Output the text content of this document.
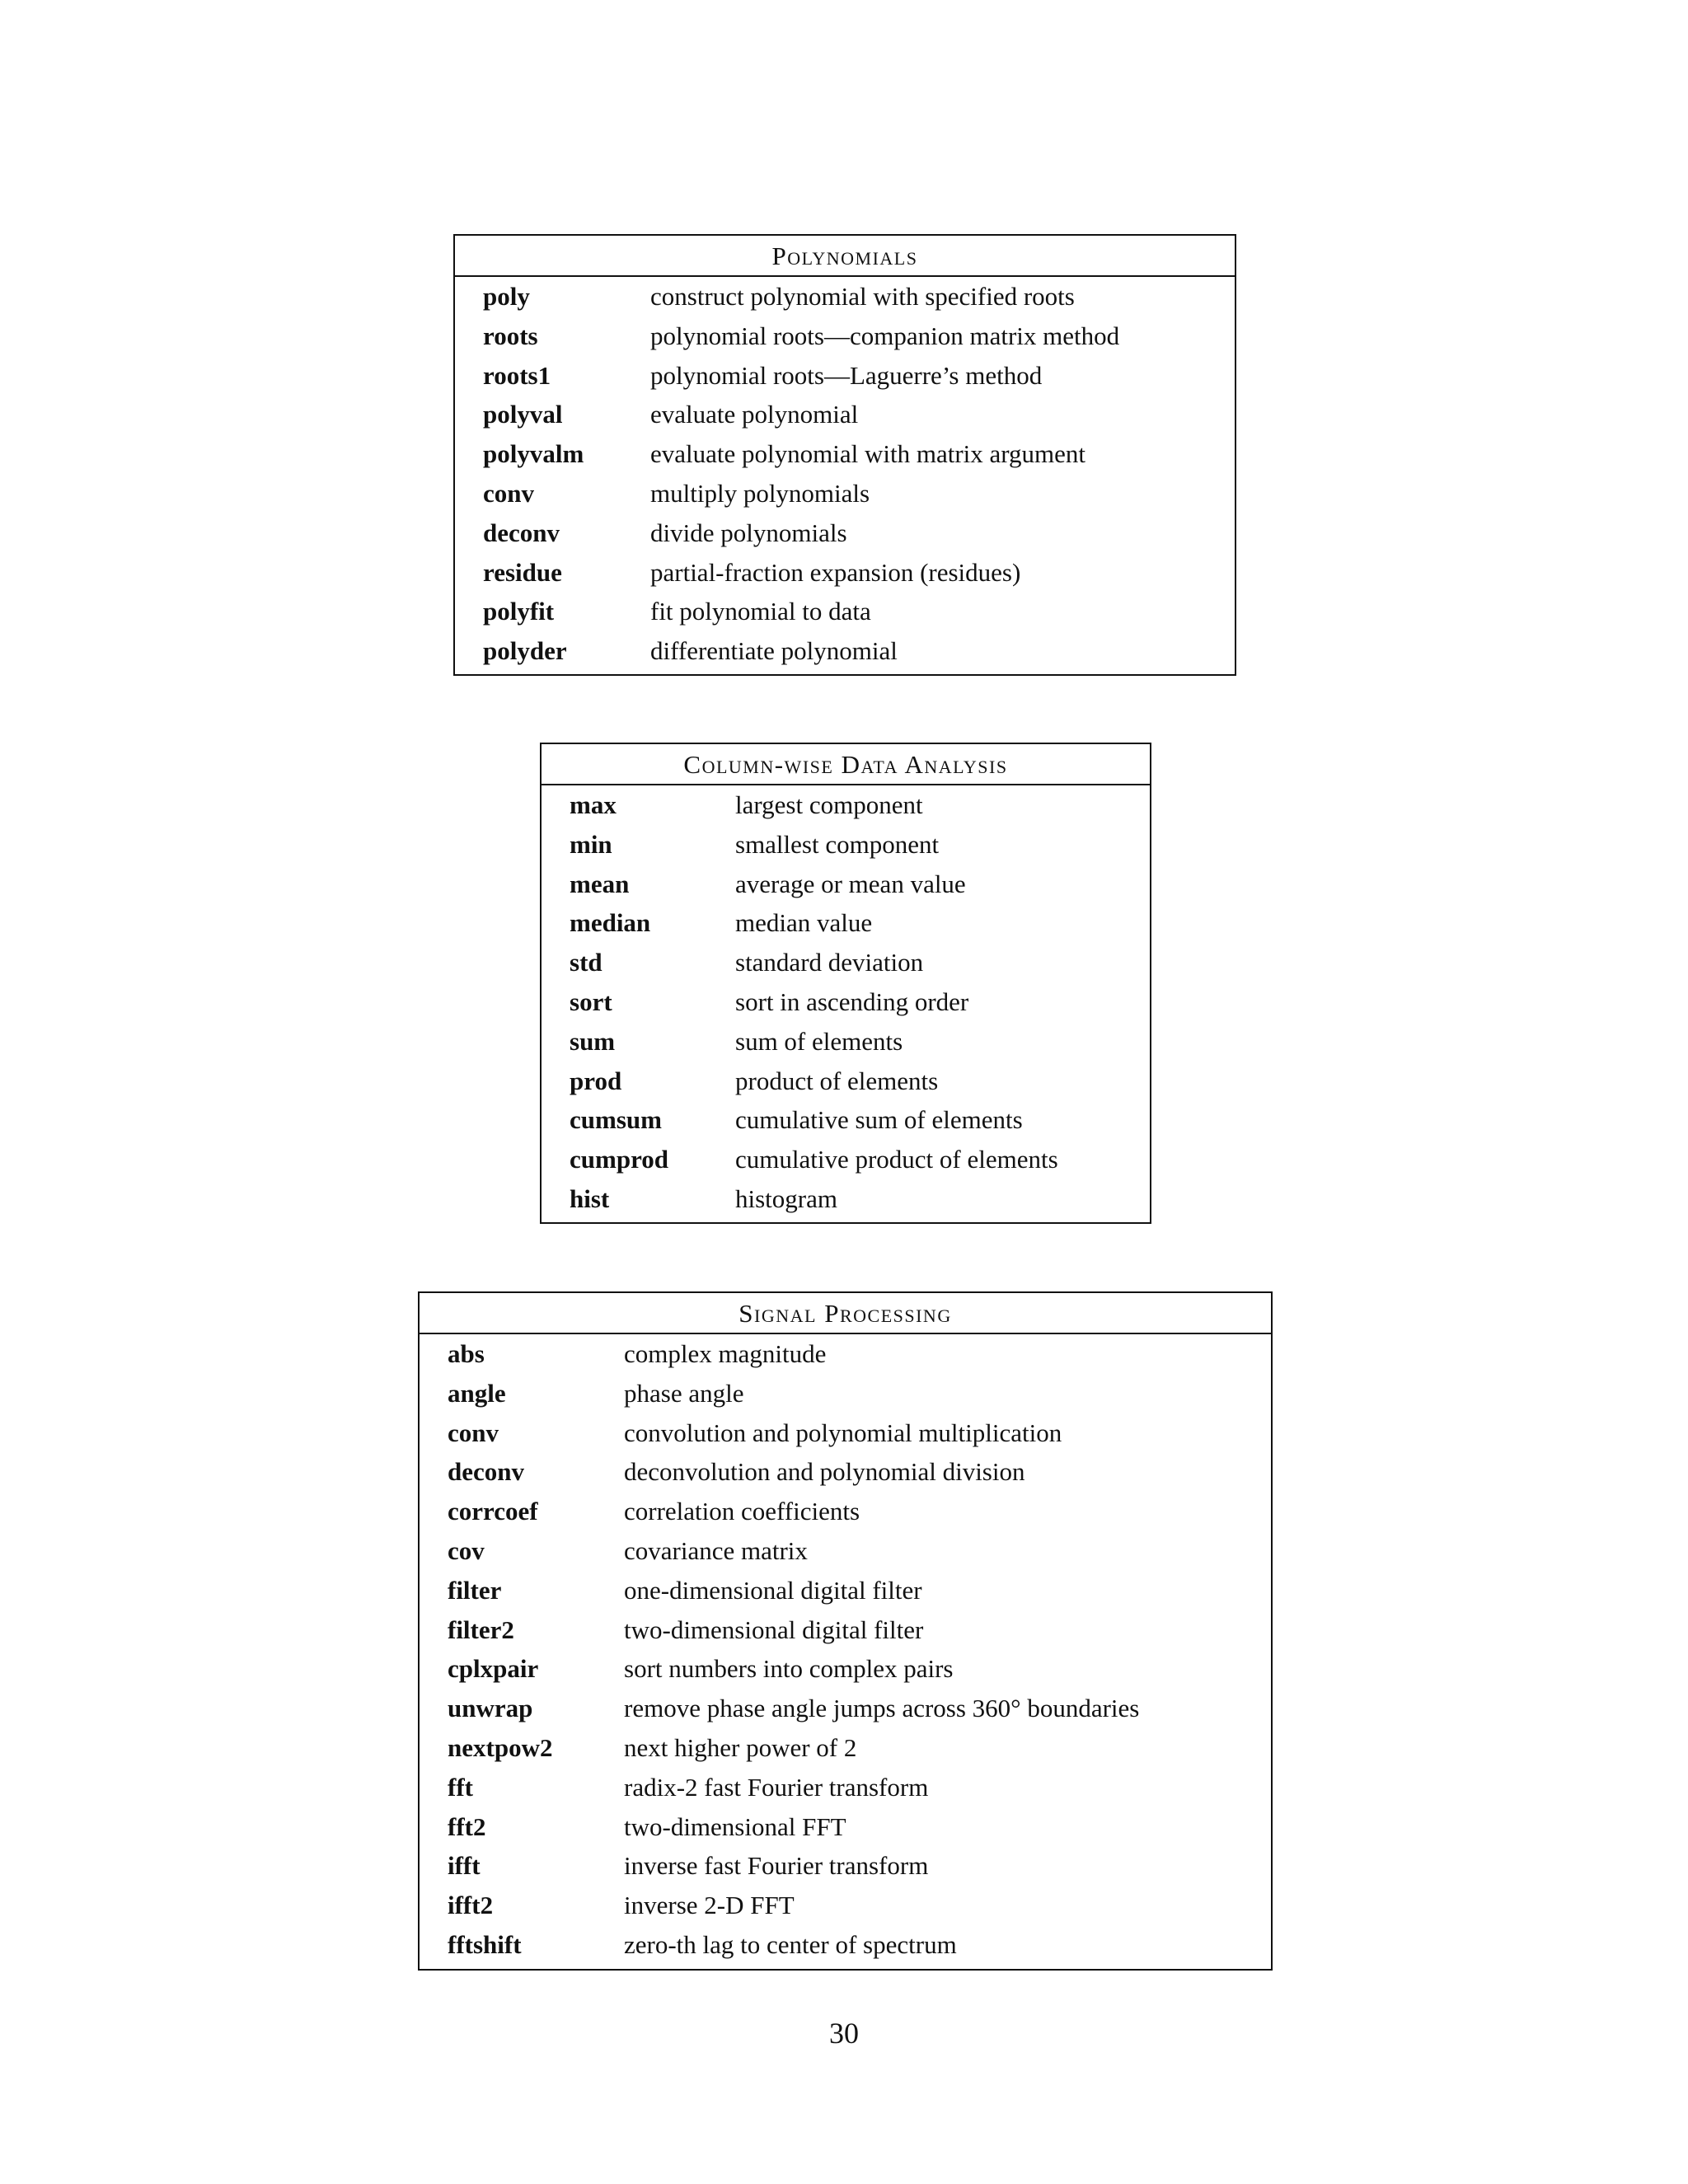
Polynomials
poly	construct polynomial with specified roots
roots	polynomial roots—companion matrix method
roots1	polynomial roots—Laguerre’s method
polyval	evaluate polynomial
polyvalm	evaluate polynomial with matrix argument
conv	multiply polynomials
deconv	divide polynomials
residue	partial-fraction expansion (residues)
polyfit	fit polynomial to data
polyder	differentiate polynomial
Column-wise Data Analysis
max	largest component
min	smallest component
mean	average or mean value
median	median value
std	standard deviation
sort	sort in ascending order
sum	sum of elements
prod	product of elements
cumsum	cumulative sum of elements
cumprod	cumulative product of elements
hist	histogram
Signal Processing
abs	complex magnitude
angle	phase angle
conv	convolution and polynomial multiplication
deconv	deconvolution and polynomial division
corrcoef	correlation coefficients
cov	covariance matrix
filter	one-dimensional digital filter
filter2	two-dimensional digital filter
cplxpair	sort numbers into complex pairs
unwrap	remove phase angle jumps across 360° boundaries
nextpow2	next higher power of 2
fft	radix-2 fast Fourier transform
fft2	two-dimensional FFT
ifft	inverse fast Fourier transform
ifft2	inverse 2-D FFT
fftshift	zero-th lag to center of spectrum
30
